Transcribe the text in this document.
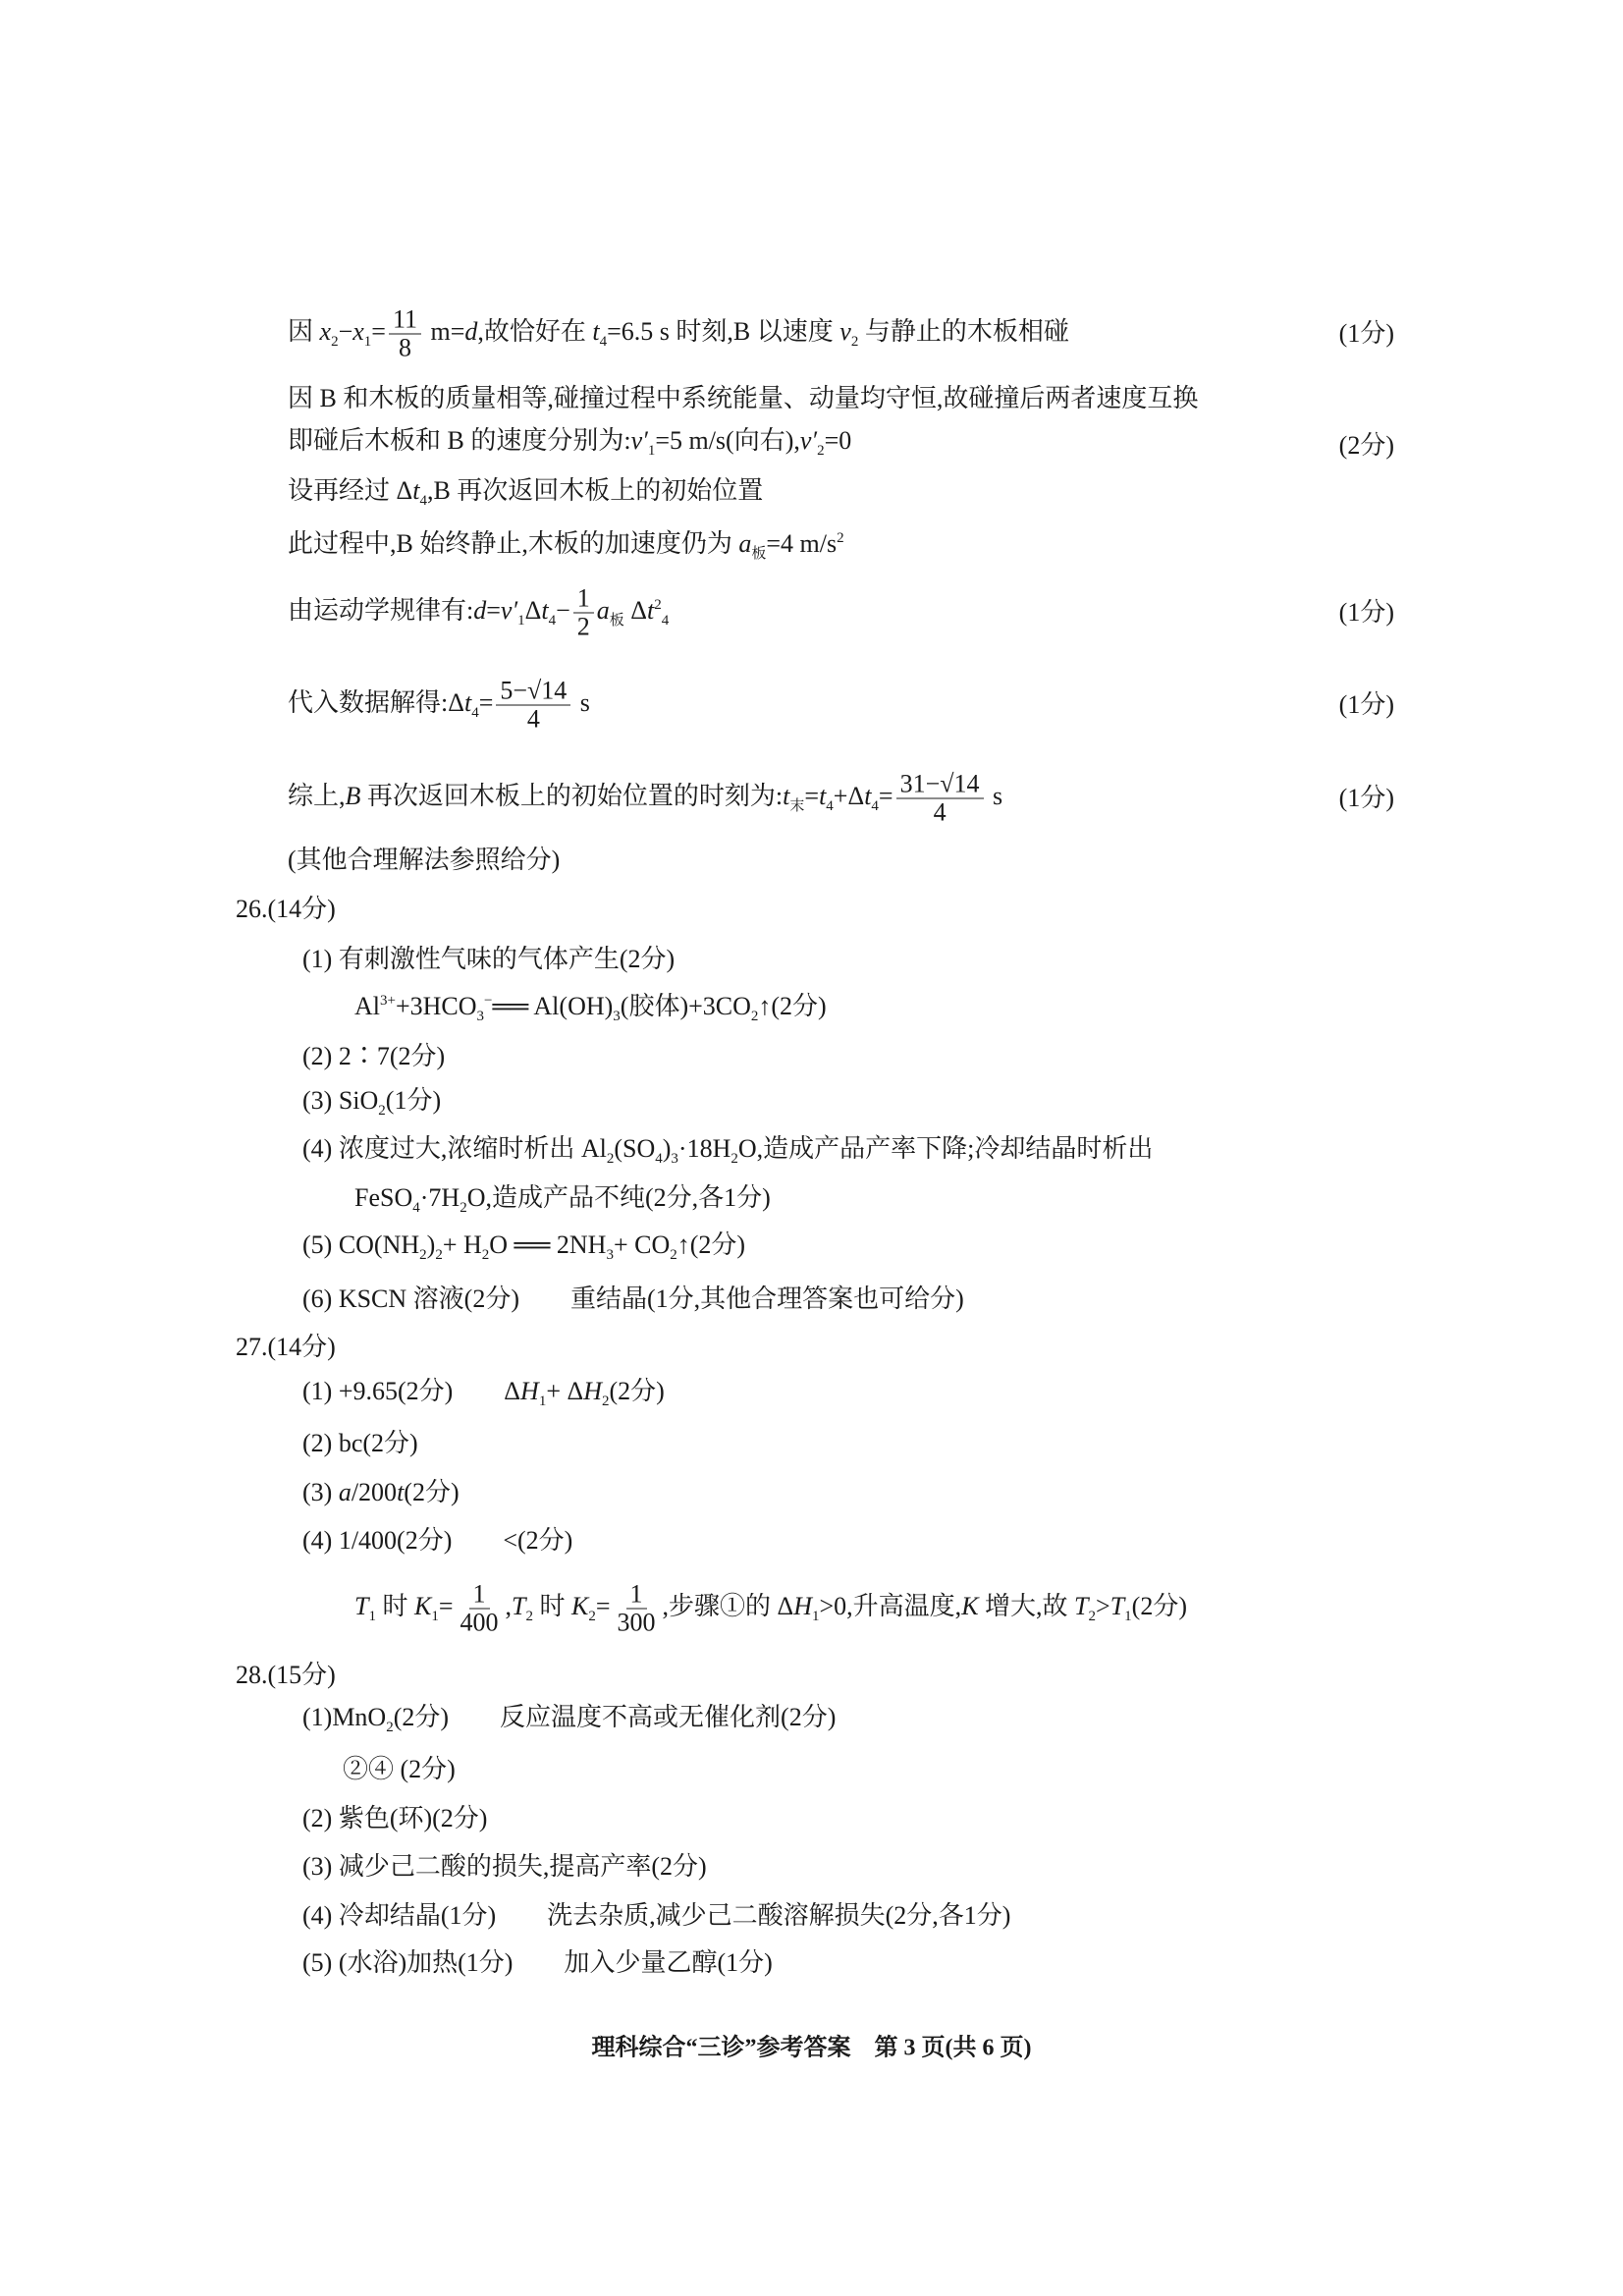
因 $x_2-x_1= \frac{11}{8} m=d$,故恰好在 $t_4=6.5$ s 时刻,B 以速度 $v_2$ 与静止的木板相碰	(1分)
因 B 和木板的质量相等,碰撞过程中系统能量、动量均守恒,故碰撞后两者速度互换
即碰后木板和 B 的速度分别为$:v'_1=5$ m/s(向右)$,v'_2=0$	(2分)
设再经过 $\Delta t_4,B$ 再次返回木板上的初始位置
此过程中,B 始终静止,木板的加速度仍为 $a_板=4$ $m/s^2$
由运动学规律有$:d=v'_1\Delta t_4- \frac{1}{2} a_板$ $\Delta t^2_4$	(1分)
代入数据解得$:\Delta t_4= \frac{5-√14}{4}$ s	(1分)
综上,B 再次返回木板上的初始位置的时刻为$:t_末=t_4+\Delta t_4= \frac{31-√14}{4}$ s	(1分)
(其他合理解法参照给分)
26.(14分)
(1) 有刺激性气味的气体产生(2分)
$Al^{3+}+3HCO_3^-══$ $Al(OH)_3$(胶体)$+3CO_2↑(2$分)
(2) 2∶7(2分)
(3) SiO$_2$(1分)
(4) 浓度过大,浓缩时析出 $Al_2(SO_4)_3\cdot 18H_2O$,造成产品产率下降;冷却结晶时析出
$FeSO_4\cdot 7H_2O$,造成产品不纯(2分,各1分)
(5) $CO(NH_2)_2+ H_2O$ ══ $2NH_3+$ $CO_2↑(2$分)
(6) KSCN 溶液(2分)　　重结晶(1分,其他合理答案也可给分)
27.(14分)
(1) +9.65(2分)　　$\Delta H_1+ \Delta H_2(2$分)
(2) bc(2分)
(3) a/200t(2分)
(4) 1/400(2分)　　<(2分)
$T_1$ 时 $K_1= \frac{1}{400} ,T_2$ 时 $K_2= \frac{1}{300}$ ,步骤①的 $\Delta H_1>0$,升高温度,K 增大,故 $T_2>T_1(2$分)
28.(15分)
(1)MnO$_2$(2分)　　反应温度不高或无催化剂(2分)
②④ (2分)
(2) 紫色(环)(2分)
(3) 减少己二酸的损失,提高产率(2分)
(4) 冷却结晶(1分)　　洗去杂质,减少己二酸溶解损失(2分,各1分)
(5) (水浴)加热(1分)　　加入少量乙醇(1分)
理科综合“三诊”参考答案　第 3 页(共 6 页)
